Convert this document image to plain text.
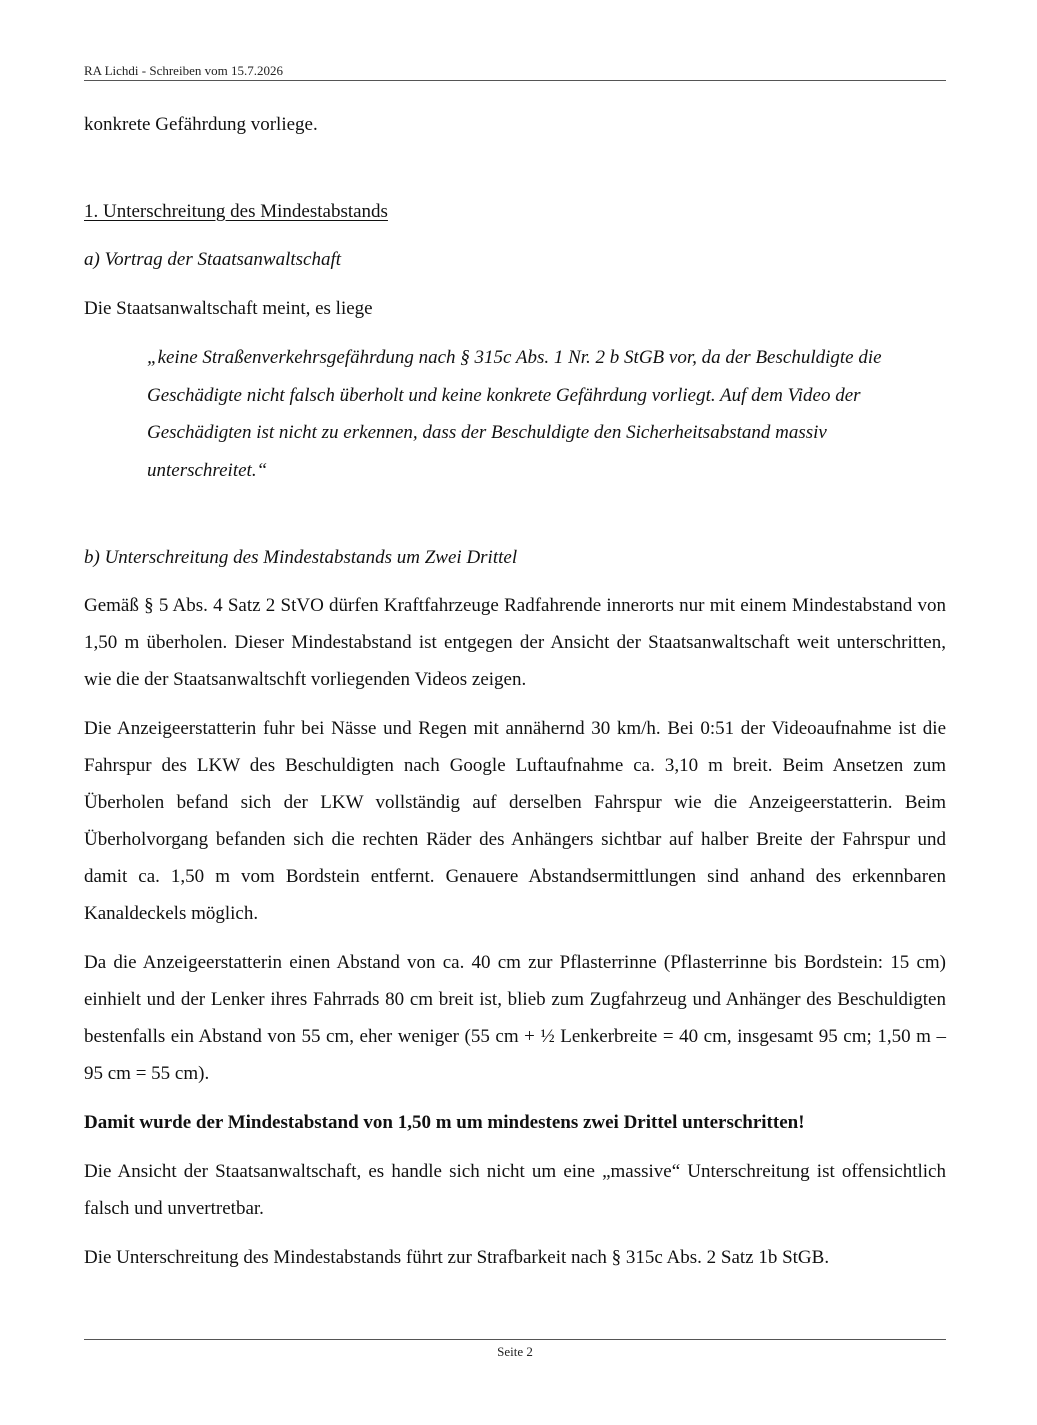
RA Lichdi - Schreiben vom 15.7.2026

konkrete Gefährdung vorliege.

1. Unterschreitung des Mindestabstands

a) Vortrag der Staatsanwaltschaft

Die Staatsanwaltschaft meint, es liege

„keine Straßenverkehrsgefährdung nach § 315c Abs. 1 Nr. 2 b StGB vor, da der Beschuldigte die Geschädigte nicht falsch überholt und keine konkrete Gefährdung vorliegt. Auf dem Video der Geschädigten ist nicht zu erkennen, dass der Beschuldigte den Sicherheitsabstand massiv unterschreitet.“

b) Unterschreitung des Mindestabstands um Zwei Drittel

Gemäß § 5 Abs. 4 Satz 2 StVO dürfen Kraftfahrzeuge Radfahrende innerorts nur mit einem Mindestabstand von 1,50 m überholen. Dieser Mindestabstand ist entgegen der Ansicht der Staatsanwaltschaft weit unterschritten, wie die der Staatsanwaltschft vorliegenden Videos zeigen.

Die Anzeigeerstatterin fuhr bei Nässe und Regen mit annähernd 30 km/h. Bei 0:51 der Videoaufnahme ist die Fahrspur des LKW des Beschuldigten nach Google Luftaufnahme ca. 3,10 m breit. Beim Ansetzen zum Überholen befand sich der LKW vollständig auf derselben Fahrspur wie die Anzeigeerstatterin. Beim Überholvorgang befanden sich die rechten Räder des Anhängers sichtbar auf halber Breite der Fahrspur und damit ca. 1,50 m vom Bordstein entfernt. Genauere Abstandsermittlungen sind anhand des erkennbaren Kanaldeckels möglich.

Da die Anzeigeerstatterin einen Abstand von ca. 40 cm zur Pflasterrinne (Pflasterrinne bis Bordstein: 15 cm) einhielt und der Lenker ihres Fahrrads 80 cm breit ist, blieb zum Zugfahrzeug und Anhänger des Beschuldigten bestenfalls ein Abstand von 55 cm, eher weniger (55 cm + ½ Lenkerbreite = 40 cm, insgesamt 95 cm; 1,50 m – 95 cm = 55 cm).

Damit wurde der Mindestabstand von 1,50 m um mindestens zwei Drittel unterschritten!

Die Ansicht der Staatsanwaltschaft, es handle sich nicht um eine „massive“ Unterschreitung ist offensichtlich falsch und unvertretbar.

Die Unterschreitung des Mindestabstands führt zur Strafbarkeit nach § 315c Abs. 2 Satz 1b StGB.

Seite 2
